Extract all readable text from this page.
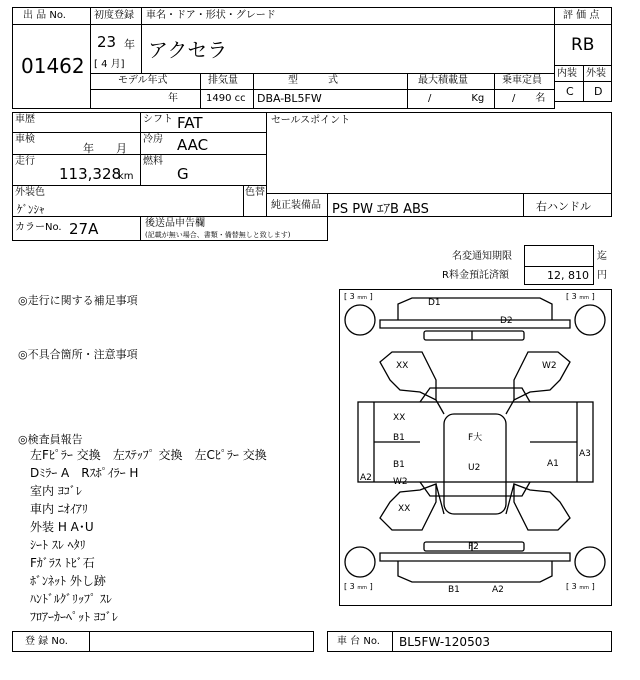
出 品 No.
01462
初度登録 車名・ドア・形状・グレード
23 年
[ 4 月]
アクセラ
評 価 点
RB
内装 外装
C D
モデル年式
年
排気量
1490 cc
型　　　式
DBA-BL5FW
最大積載量
/　　　　Kg
乗車定員
/　　名
車歴	シフト FAT
車検
年　　月
冷房 AAC
走行
113,328
km
燃料
G
セールスポイント
外装色
ｹﾞﾝｼｬ
色替
純正装備品 PS PW ｴｱB ABS	右ハンドル
カラーNo. 27A	後送品申告欄
(記載が無い場合、書類・備替無しと致します)
名変通知期限	迄
R料金預託済額	12, 810 円
◎走行に関する補足事項
◎不具合箇所・注意事項
◎検査員報告
左Fﾋﾟﾗｰ 交換　左ｽﾃｯﾌﾟ 交換　左Cﾋﾟﾗｰ 交換
Dﾐﾗｰ A　Rｽﾎﾟｲﾗｰ H
室内 ﾖｺﾞﾚ
車内 ﾆｵｲｱﾘ
外装 H A･U
ｼｰﾄ ｽﾚ ﾍﾀﾘ
Fｶﾞﾗｽ ﾄﾋﾞ石
ﾎﾞﾝﾈｯﾄ 外し跡
ﾊﾝﾄﾞﾙｸﾞﾘｯﾌﾟ ｽﾚ
ﾌﾛｱｰｶｰﾍﾟｯﾄ ﾖｺﾞﾚ
[ 3 mm ]	[ 3 mm ]
[ 3 mm ]	[ 3 mm ]
D1
D2
XX	W2
XX
B1
B1
W2
F大
U2	A1
A2
A3
XX
F2
B1	A2
登 録 No.	車 台 No. BL5FW-120503
